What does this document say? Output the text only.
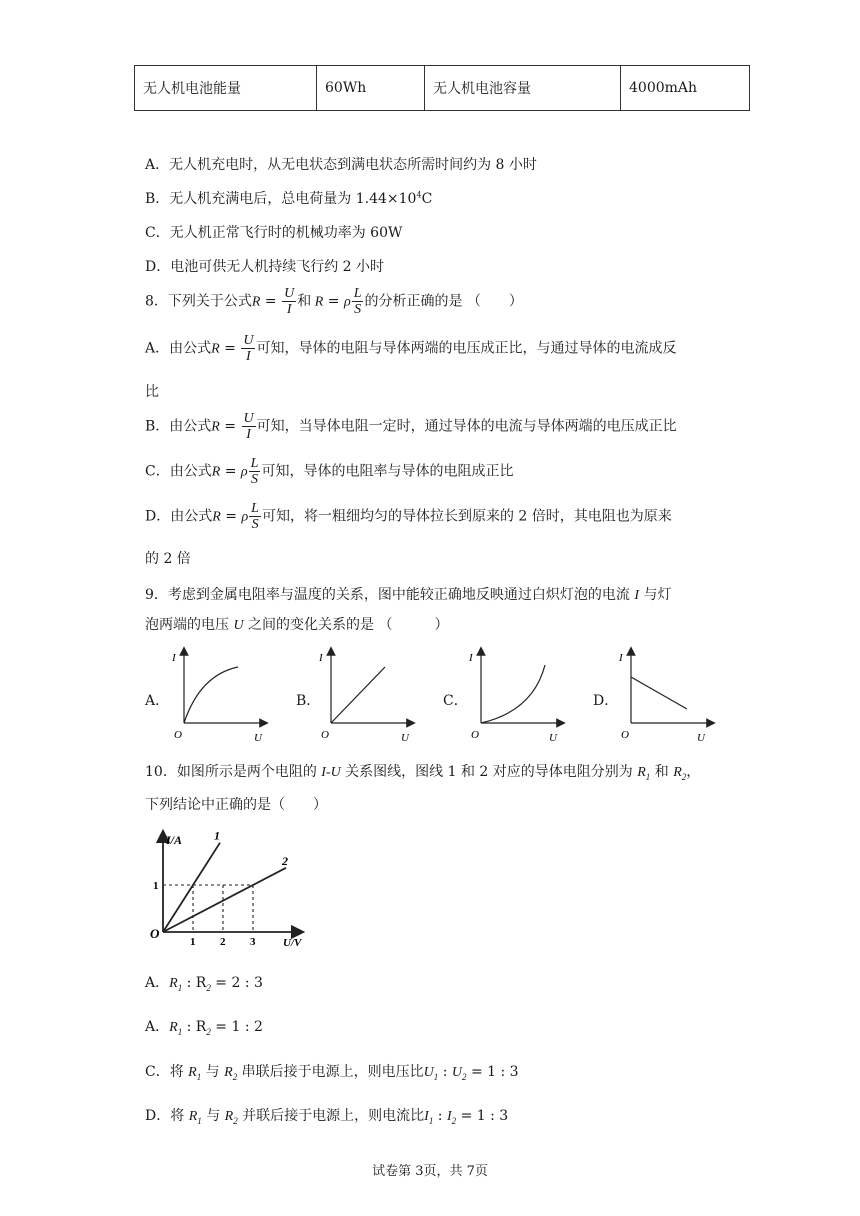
无人机电池能量	60Wh	无人机电池容量	4000mAh
A．无人机充电时，从无电状态到满电状态所需时间约为 8 小时
B．无人机充满电后，总电荷量为 $1.44\times 10^4C$
C．无人机正常飞行时的机械功率为 60W
D．电池可供无人机持续飞行约 2 小时
8．下列关于公式$R = \frac{U}{I}$ 和 R = ρ $\frac{L}{S}$ 的分析正确的是 （　　）
A．由公式$R = \frac{U}{I}$ 可知，导体的电阻与导体两端的电压成正比，与通过导体的电流成反
比
B．由公式$R = \frac{U}{I}$ 可知，当导体电阻一定时，通过导体的电流与导体两端的电压成正比
C．由公式R = ρ $\frac{L}{S}$ 可知，导体的电阻率与导体的电阻成正比
D．由公式R = ρ $\frac{L}{S}$ 可知，将一粗细均匀的导体拉长到原来的 2 倍时，其电阻也为原来
的 2 倍
9．考虑到金属电阻率与温度的关系，图中能较正确地反映通过白炽灯泡的电流 I 与灯
泡两端的电压 U 之间的变化关系的是 （　　　）
A．	B．	C．	D．
I
U
O
I
U
O
I
U
O
I
U
O
10．如图所示是两个电阻的 I-U 关系图线，图线 1 和 2 对应的导体电阻分别为 $R_1$ 和 $R_2$，
下列结论中正确的是（　　）
I/A
U/V
O
1
1 2 3
1
2
A．$R_1$ : $R_2 = 2$ : 3
A．$R_1$ : $R_2 = 1$ : 2
C．将 $R_1$ 与 $R_2$ 串联后接于电源上，则电压比$U_1$ : $U_2 = 1$ : 3
D．将 $R_1$ 与 $R_2$ 并联后接于电源上，则电流比$I_1$ : $I_2 = 1$ : 3
试卷第 3页，共 7页
